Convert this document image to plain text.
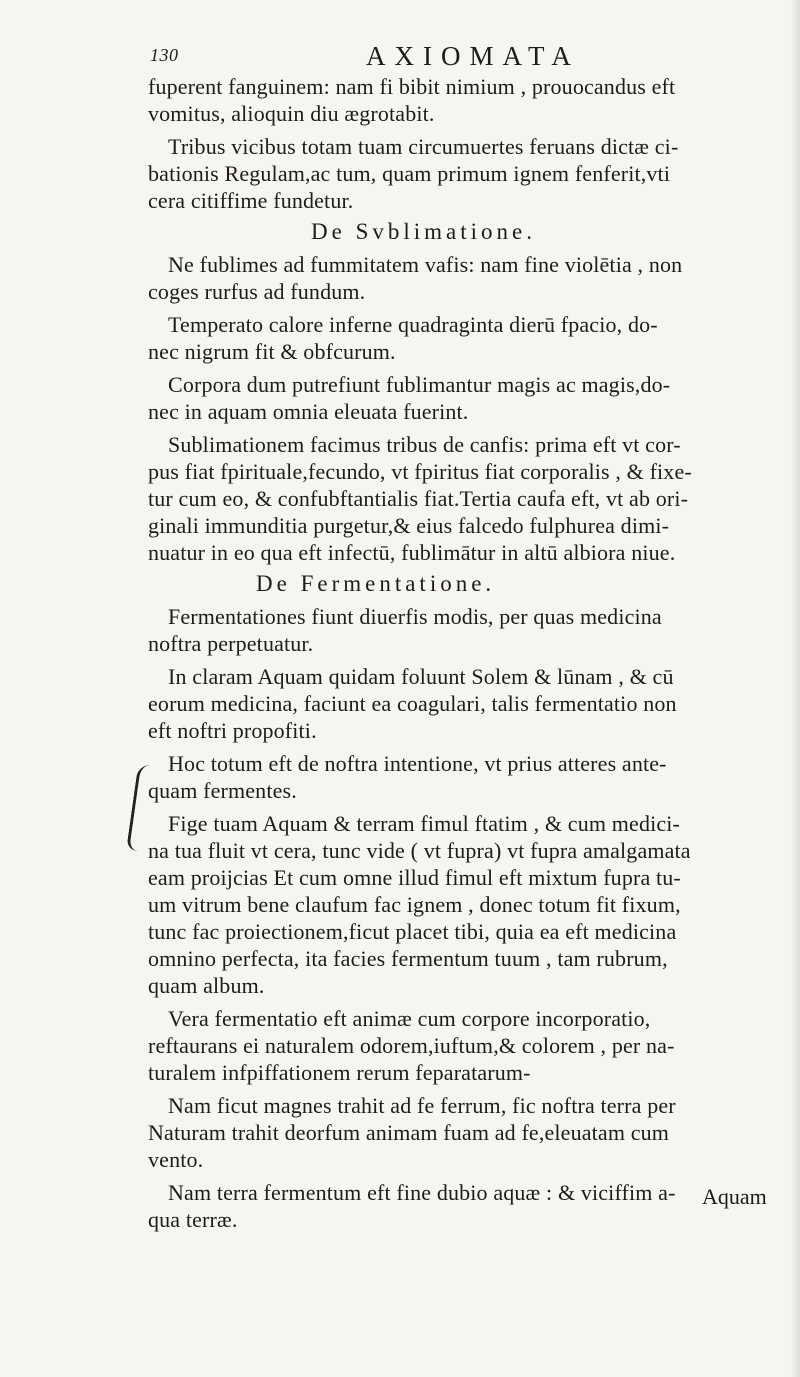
130	AXIOMATA
fuperent fanguinem: nam fi bibit nimium , prouocandus eft
vomitus, alioquin diu ægrotabit.
Tribus vicibus totam tuam circumuertes feruans dictæ ci-
bationis Regulam,ac tum, quam primum ignem fenferit,vti
cera citiffime fundetur.
De Svblimatione.
Ne fublimes ad fummitatem vafis: nam fine violētia , non
coges rurfus ad fundum.
Temperato calore inferne quadraginta dierū fpacio, do-
nec nigrum fit & obfcurum.
Corpora dum putrefiunt fublimantur magis ac magis,do-
nec in aquam omnia eleuata fuerint.
Sublimationem facimus tribus de canfis: prima eft vt cor-
pus fiat fpirituale,fecundo, vt fpiritus fiat corporalis , & fixe-
tur cum eo, & confubftantialis fiat.Tertia caufa eft, vt ab ori-
ginali immunditia purgetur,& eius falcedo fulphurea dimi-
nuatur in eo qua eft infectū, fublimātur in altū albiora niue.
De Fermentatione.
Fermentationes fiunt diuerfis modis, per quas medicina
noftra perpetuatur.
In claram Aquam quidam foluunt Solem & lūnam , & cū
eorum medicina, faciunt ea coagulari, talis fermentatio non
eft noftri propofiti.
Hoc totum eft de noftra intentione, vt prius atteres ante-
quam fermentes.
Fige tuam Aquam & terram fimul ftatim , & cum medici-
na tua fluit vt cera, tunc vide ( vt fupra) vt fupra amalgamata
eam proijcias Et cum omne illud fimul eft mixtum fupra tu-
um vitrum bene claufum fac ignem , donec totum fit fixum,
tunc fac proiectionem,ficut placet tibi, quia ea eft medicina
omnino perfecta, ita facies fermentum tuum , tam rubrum,
quam album.
Vera fermentatio eft animæ cum corpore incorporatio,
reftaurans ei naturalem odorem,iuftum,& colorem , per na-
turalem infpiffationem rerum feparatarum-
Nam ficut magnes trahit ad fe ferrum, fic noftra terra per
Naturam trahit deorfum animam fuam ad fe,eleuatam cum
vento.
Nam terra fermentum eft fine dubio aquæ : & viciffim a-
qua terræ.
Aquam
